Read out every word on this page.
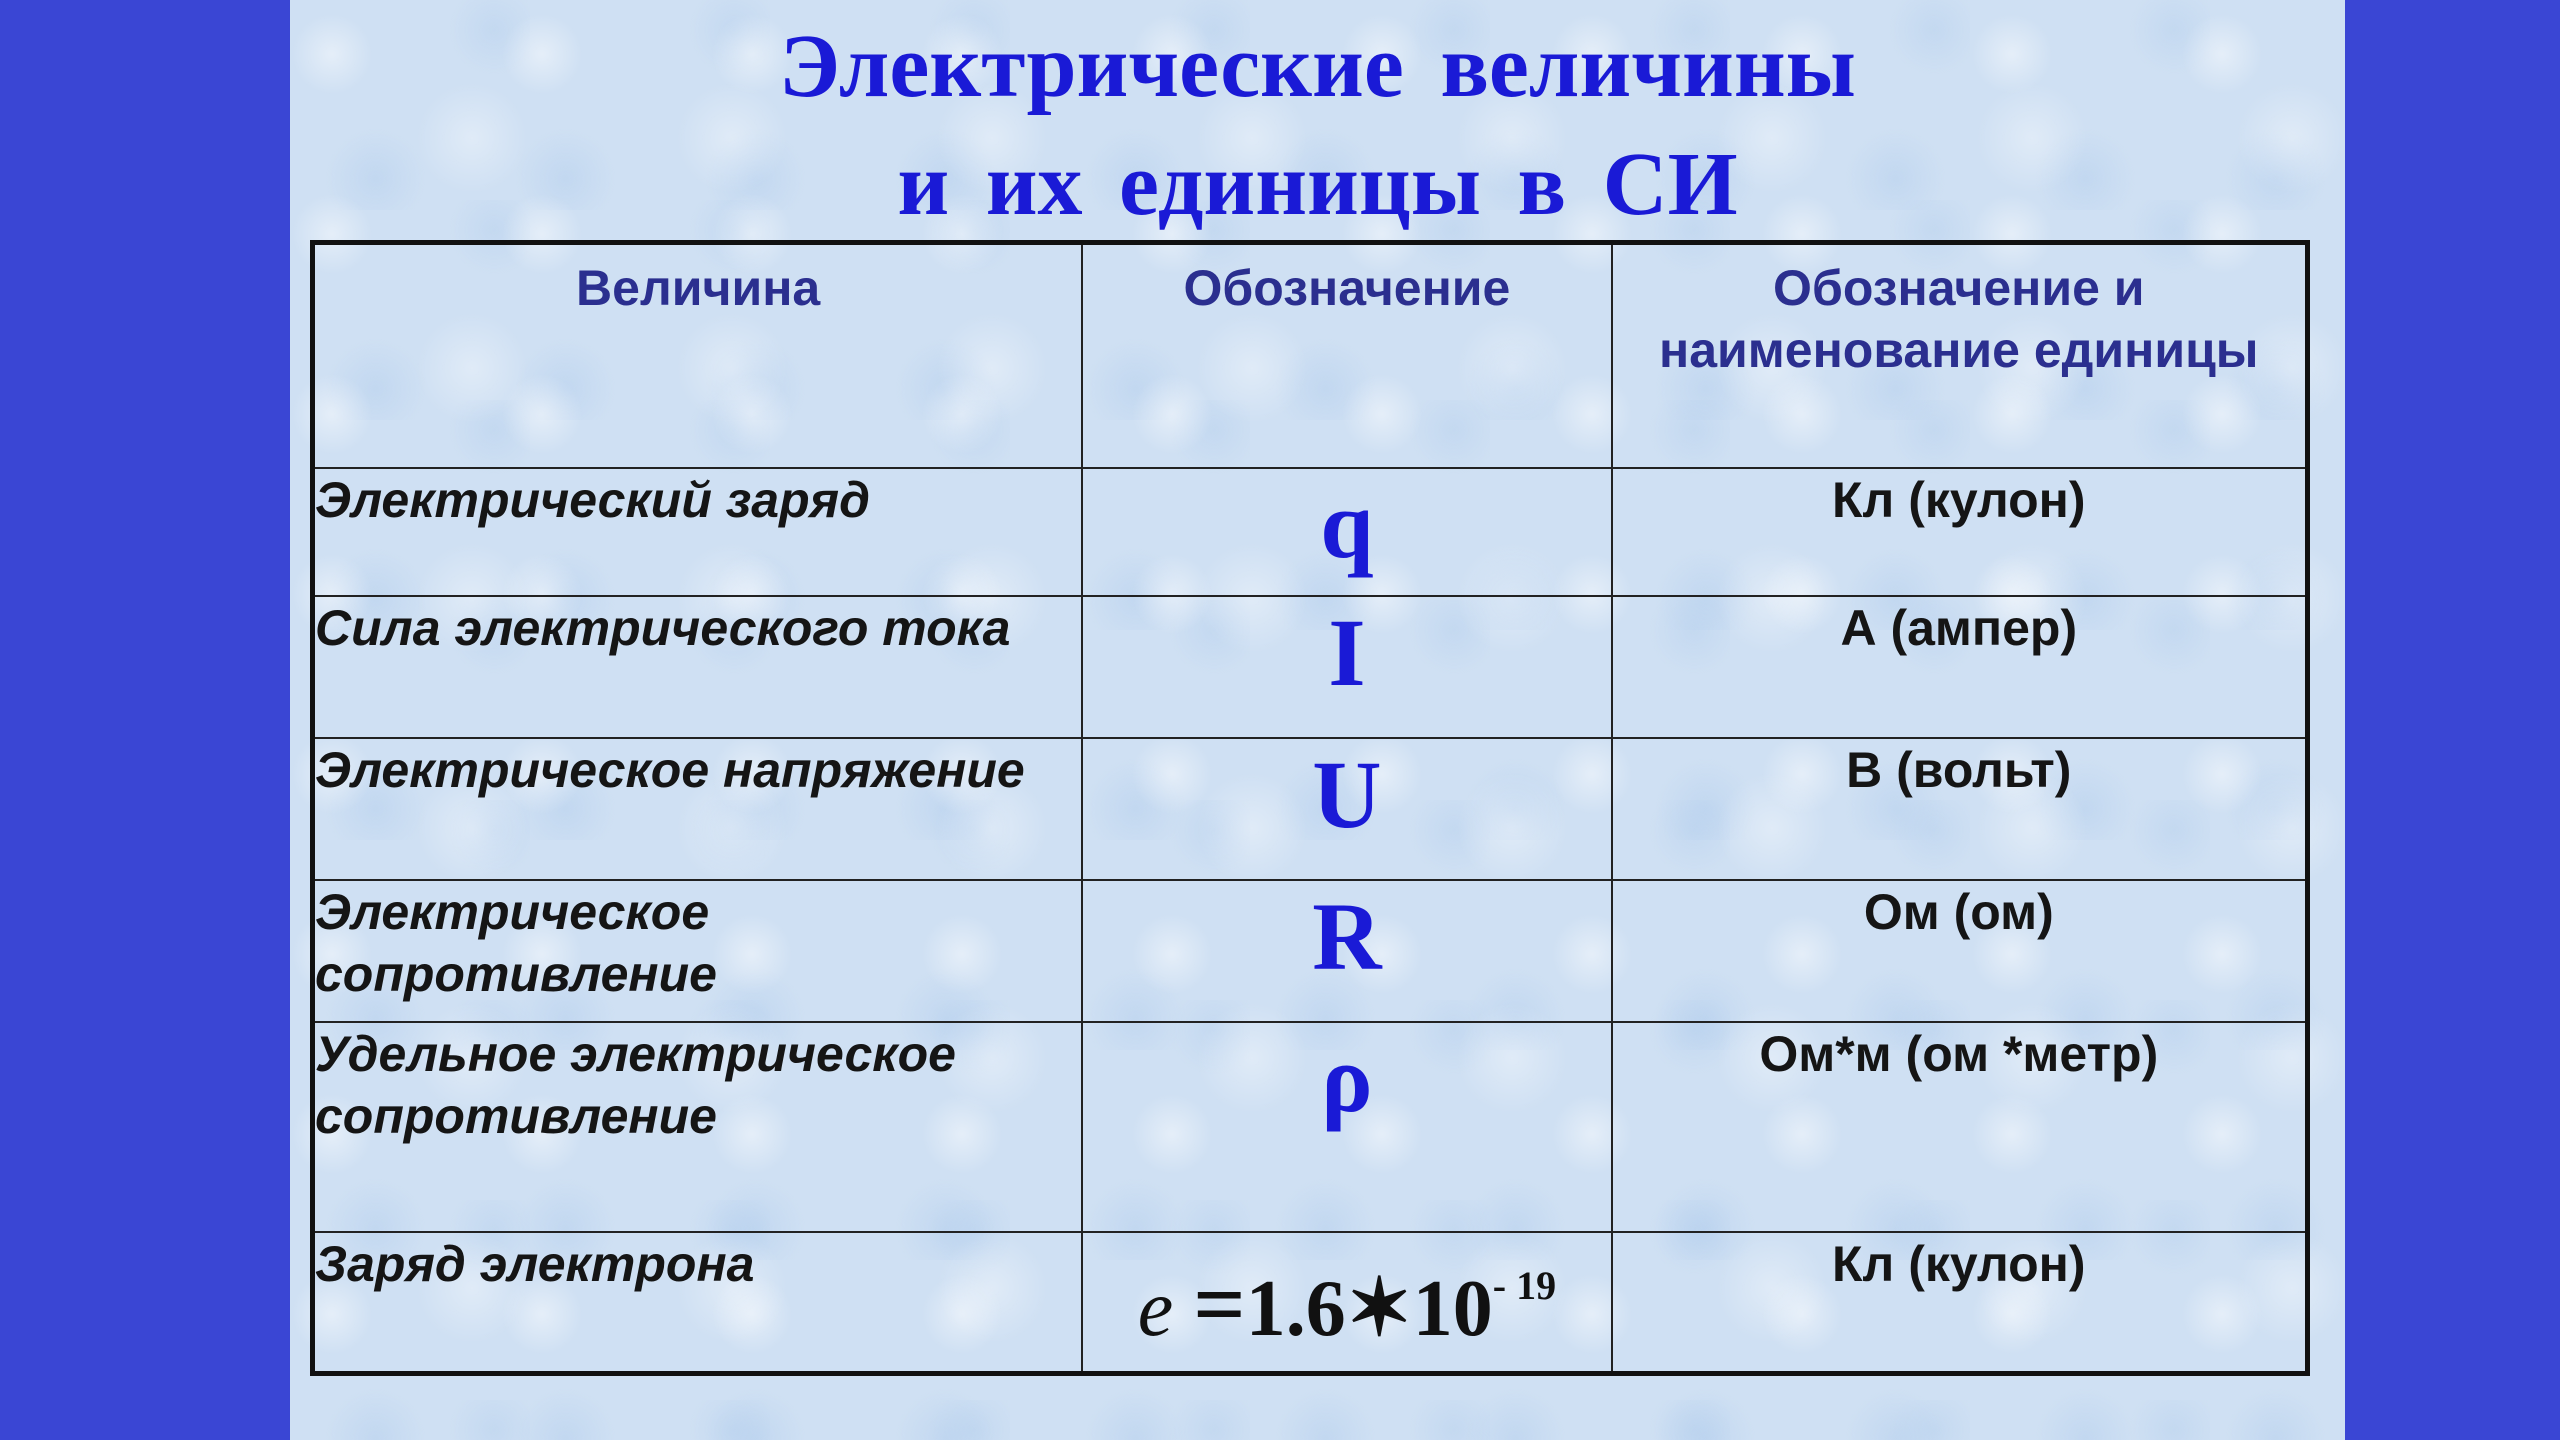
Электрические величины
и их единицы в СИ
Величина	Обозначение	Обозначение и наименование единицы
Электрический заряд	q	Кл (кулон)
Сила электрического тока	I	А (ампер)
Электрическое напряжение	U	В (вольт)
Электрическое сопротивление	R	Ом (ом)
Удельное электрическое сопротивление	ρ	Ом*м (ом *метр)
Заряд электрона	$e =1.6✶10^{- 19}$	Кл (кулон)
